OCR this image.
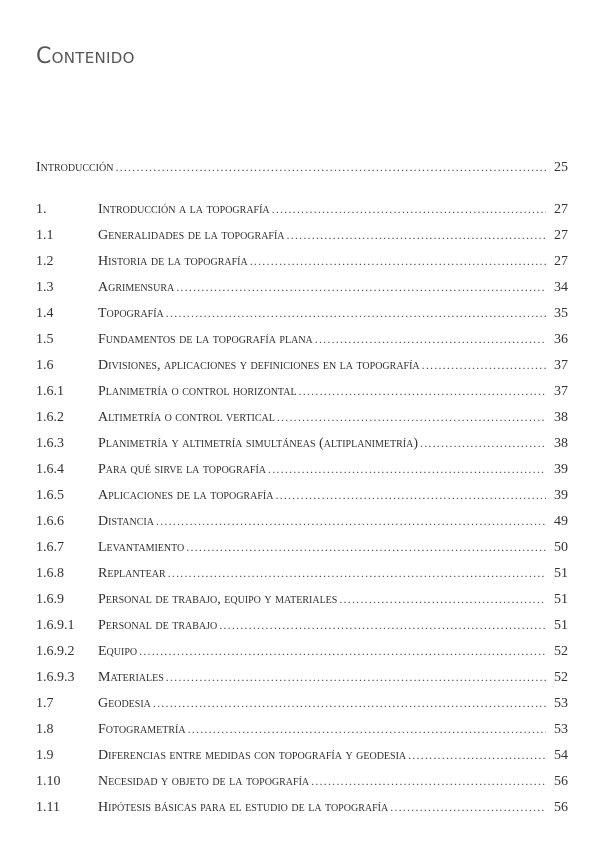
Contenido
Introducción .....	25
1.	Introducción a la topografía .....	27
1.1	Generalidades de la topografía .....	27
1.2	Historia de la topografía .....	27
1.3	Agrimensura .....	34
1.4	Topografía .....	35
1.5	Fundamentos de la topografía plana .....	36
1.6	Divisiones, aplicaciones y definiciones en la topografía .....	37
1.6.1	Planimetría o control horizontal .....	37
1.6.2	Altimetría o control vertical .....	38
1.6.3	Planimetría y altimetría simultáneas (altiplanimetría) .....	38
1.6.4	Para qué sirve la topografía .....	39
1.6.5	Aplicaciones de la topografía .....	39
1.6.6	Distancia .....	49
1.6.7	Levantamiento .....	50
1.6.8	Replantear .....	51
1.6.9	Personal de trabajo, equipo y materiales .....	51
1.6.9.1	Personal de trabajo .....	51
1.6.9.2	Equipo .....	52
1.6.9.3	Materiales .....	52
1.7	Geodesia .....	53
1.8	Fotogrametría .....	53
1.9	Diferencias entre medidas con topografía y geodesia .....	54
1.10	Necesidad y objeto de la topografía .....	56
1.11	Hipótesis básicas para el estudio de la topografía .....	56
